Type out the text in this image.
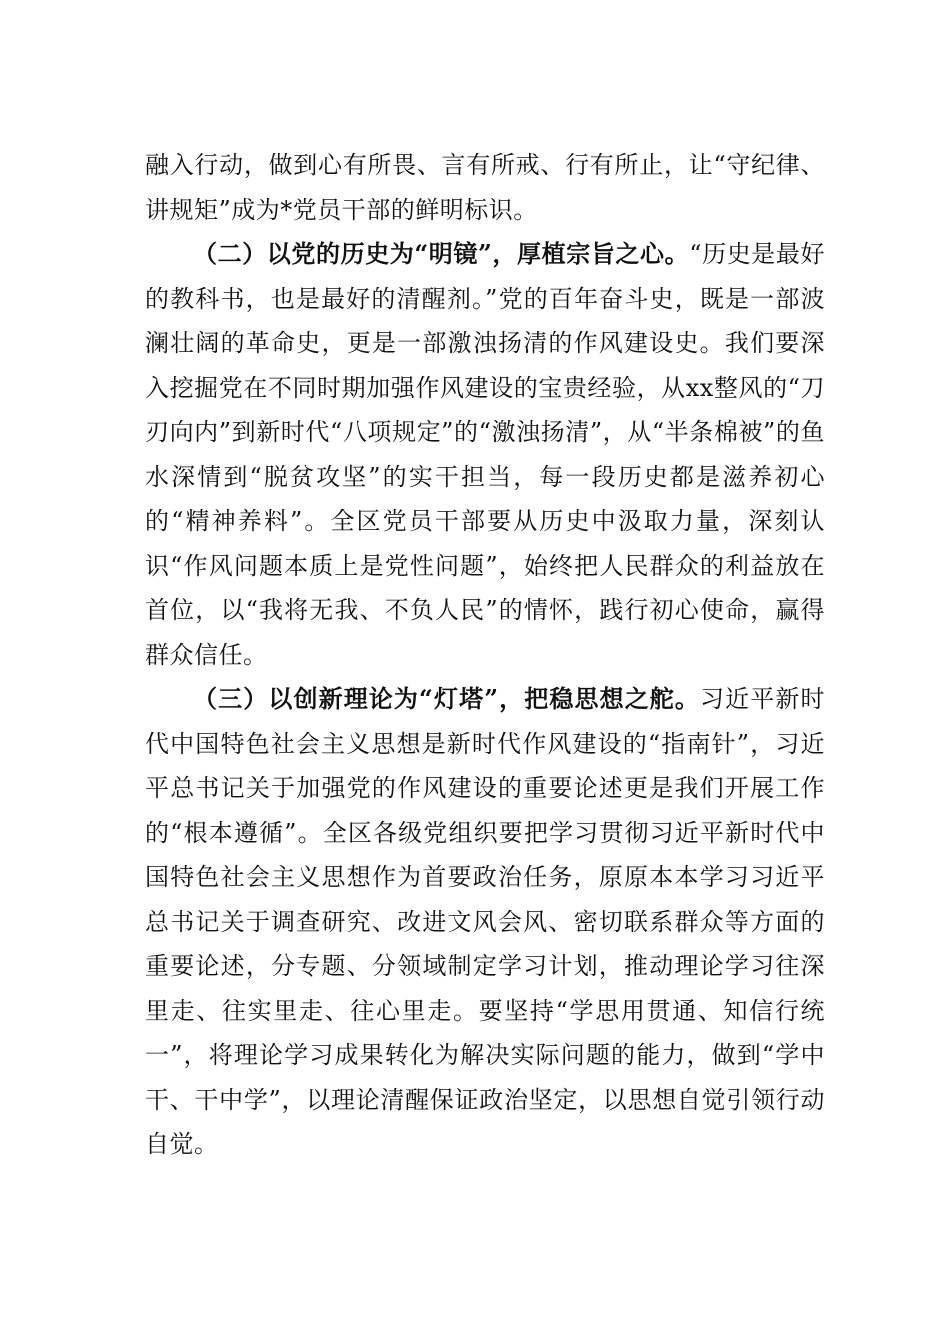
融入行动，做到心有所畏、言有所戒、行有所止，让“守纪律、讲规矩”成为*党员干部的鲜明标识。

（二）以党的历史为“明镜”，厚植宗旨之心。“历史是最好的教科书，也是最好的清醒剂。”党的百年奋斗史，既是一部波澜壮阔的革命史，更是一部激浊扬清的作风建设史。我们要深入挖掘党在不同时期加强作风建设的宝贵经验，从xx整风的“刀刃向内”到新时代“八项规定”的“激浊扬清”，从“半条棉被”的鱼水深情到“脱贫攻坚”的实干担当，每一段历史都是滋养初心的“精神养料”。全区党员干部要从历史中汲取力量，深刻认识“作风问题本质上是党性问题”，始终把人民群众的利益放在首位，以“我将无我、不负人民”的情怀，践行初心使命，赢得群众信任。

（三）以创新理论为“灯塔”，把稳思想之舵。习近平新时代中国特色社会主义思想是新时代作风建设的“指南针”，习近平总书记关于加强党的作风建设的重要论述更是我们开展工作的“根本遵循”。全区各级党组织要把学习贯彻习近平新时代中国特色社会主义思想作为首要政治任务，原原本本学习习近平总书记关于调查研究、改进文风会风、密切联系群众等方面的重要论述，分专题、分领域制定学习计划，推动理论学习往深里走、往实里走、往心里走。要坚持“学思用贯通、知信行统一”，将理论学习成果转化为解决实际问题的能力，做到“学中干、干中学”，以理论清醒保证政治坚定，以思想自觉引领行动自觉。
